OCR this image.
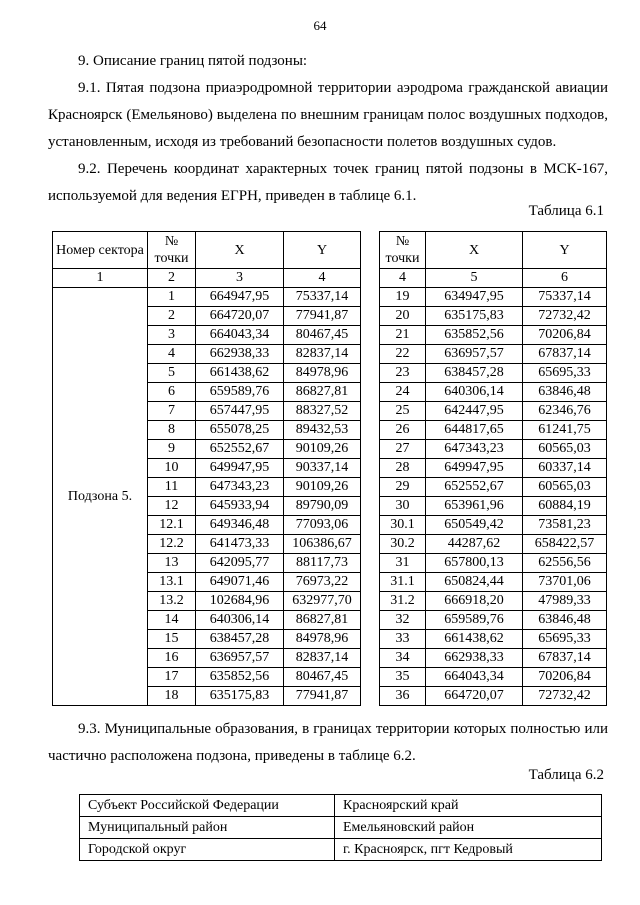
64

9. Описание границ пятой подзоны:

9.1. Пятая подзона приаэродромной территории аэродрома гражданской авиации Красноярск (Емельяново) выделена по внешним границам полос воздушных подходов, установленным, исходя из требований безопасности полетов воздушных судов.

9.2. Перечень координат характерных точек границ пятой подзоны в МСК-167, используемой для ведения ЕГРН, приведен в таблице 6.1.

Таблица 6.1
Номер сектора	№ точки	X	Y
1	2	3	4
Подзона 5.	1	664947,95	75337,14
	2	664720,07	77941,87
	3	664043,34	80467,45
	4	662938,33	82837,14
	5	661438,62	84978,96
	6	659589,76	86827,81
	7	657447,95	88327,52
	8	655078,25	89432,53
	9	652552,67	90109,26
	10	649947,95	90337,14
	11	647343,23	90109,26
	12	645933,94	89790,09
	12.1	649346,48	77093,06
	12.2	641473,33	106386,67
	13	642095,77	88117,73
	13.1	649071,46	76973,22
	13.2	102684,96	632977,70
	14	640306,14	86827,81
	15	638457,28	84978,96
	16	636957,57	82837,14
	17	635852,56	80467,45
	18	635175,83	77941,87
№ точки	X	Y
4	5	6
19	634947,95	75337,14
20	635175,83	72732,42
21	635852,56	70206,84
22	636957,57	67837,14
23	638457,28	65695,33
24	640306,14	63846,48
25	642447,95	62346,76
26	644817,65	61241,75
27	647343,23	60565,03
28	649947,95	60337,14
29	652552,67	60565,03
30	653961,96	60884,19
30.1	650549,42	73581,23
30.2	44287,62	658422,57
31	657800,13	62556,56
31.1	650824,44	73701,06
31.2	666918,20	47989,33
32	659589,76	63846,48
33	661438,62	65695,33
34	662938,33	67837,14
35	664043,34	70206,84
36	664720,07	72732,42

9.3. Муниципальные образования, в границах территории которых полностью или частично расположена подзона, приведены в таблице 6.2.

Таблица 6.2
Субъект Российской Федерации	Красноярский край
Муниципальный район	Емельяновский район
Городской округ	г. Красноярск, пгт Кедровый
